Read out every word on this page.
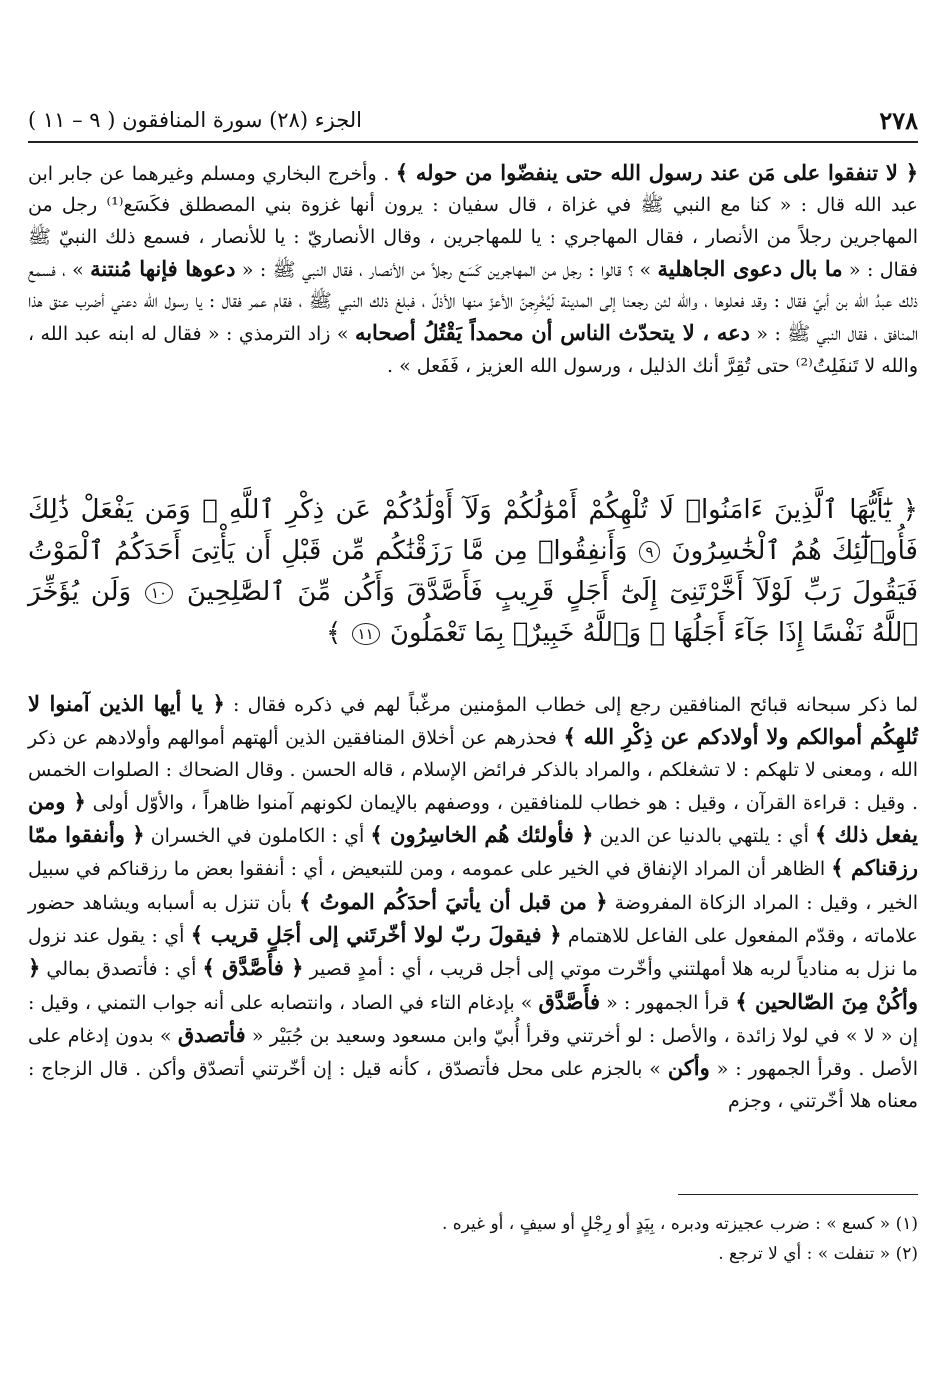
٢٧٨
الجزء (٢٨) سورة المنافقون ( ٩ – ١١ )

﴿ لا تنفقوا على مَن عند رسول الله حتى ينفضّوا من حوله ﴾ . وأخرج البخاري ومسلم وغيرهما عن جابر ابن عبد الله قال : « كنا مع النبي ﷺ في غزاة ، قال سفيان : يرون أنها غزوة بني المصطلق فكَسَع⁽¹⁾ رجل من المهاجرين رجلاً من الأنصار ، فقال المهاجري : يا للمهاجرين ، وقال الأنصاريّ : يا للأنصار ، فسمع ذلك النبيّ ﷺ فقال : « ما بال دعوى الجاهلية » ؟ قالوا : رجل من المهاجرين كَسَع رجلاً من الأنصار ، فقال النبي ﷺ : « دعوها فإنها مُنتنة » ، فسمع ذلك عبدُ الله بن أبيّ فقال : وقد فعلوها ، والله لئن رجعنا إلى المدينة لَيُخْرِجنّ الأعزّ منها الأذلّ ، فبلغ ذلك النبي ﷺ ، فقام عمر فقال : يا رسول الله دعني أضرب عنق هذا المنافق ، فقال النبي ﷺ : « دعه ، لا يتحدّث الناس أن محمداً يَقْتُلُ أصحابه » زاد الترمذي : « فقال له ابنه عبد الله ، والله لا تَنفَلِتُ⁽²⁾ حتى تُقِرَّ أنك الذليل ، ورسول الله العزيز ، فَفَعل » .

﴿ يَٰٓأَيُّهَا ٱلَّذِينَ ءَامَنُوا۟ لَا تُلْهِكُمْ أَمْوَٰلُكُمْ وَلَآ أَوْلَٰدُكُمْ عَن ذِكْرِ ٱللَّهِ ۚ وَمَن يَفْعَلْ ذَٰلِكَ فَأُو۟لَٰٓئِكَ هُمُ ٱلْخَٰسِرُونَ ٩ وَأَنفِقُوا۟ مِن مَّا رَزَقْنَٰكُم مِّن قَبْلِ أَن يَأْتِىَ أَحَدَكُمُ ٱلْمَوْتُ فَيَقُولَ رَبِّ لَوْلَآ أَخَّرْتَنِىٓ إِلَىٰٓ أَجَلٍ قَرِيبٍ فَأَصَّدَّقَ وَأَكُن مِّنَ ٱلصَّٰلِحِينَ ١٠ وَلَن يُؤَخِّرَ ٱللَّهُ نَفْسًا إِذَا جَآءَ أَجَلُهَا ۚ وَٱللَّهُ خَبِيرٌۢ بِمَا تَعْمَلُونَ ١١ ﴾

لما ذكر سبحانه قبائح المنافقين رجع إلى خطاب المؤمنين مرغّباً لهم في ذكره فقال : ﴿ يا أيها الذين آمنوا لا تُلهِكُم أموالكم ولا أولادكم عن ذِكْرِ الله ﴾ فحذرهم عن أخلاق المنافقين الذين ألهتهم أموالهم وأولادهم عن ذكر الله ، ومعنى لا تلهكم : لا تشغلكم ، والمراد بالذكر فرائض الإسلام ، قاله الحسن . وقال الضحاك : الصلوات الخمس . وقيل : قراءة القرآن ، وقيل : هو خطاب للمنافقين ، ووصفهم بالإيمان لكونهم آمنوا ظاهراً ، والأوّل أولى ﴿ ومن يفعل ذلك ﴾ أي : يلتهي بالدنيا عن الدين ﴿ فأولئك هُم الخاسِرُون ﴾ أي : الكاملون في الخسران ﴿ وأنفقوا ممّا رزقناكم ﴾ الظاهر أن المراد الإنفاق في الخير على عمومه ، ومن للتبعيض ، أي : أنفقوا بعض ما رزقناكم في سبيل الخير ، وقيل : المراد الزكاة المفروضة ﴿ من قبل أن يأتيَ أحدَكُم الموتُ ﴾ بأن تنزل به أسبابه ويشاهد حضور علاماته ، وقدّم المفعول على الفاعل للاهتمام ﴿ فيقولَ ربّ لولا أخّرتَني إلى أجَلٍ قريب ﴾ أي : يقول عند نزول ما نزل به منادياً لربه هلا أمهلتني وأخّرت موتي إلى أجل قريب ، أي : أمدٍ قصير ﴿ فأَصَّدَّق ﴾ أي : فأتصدق بمالي ﴿ وأكُنْ مِنَ الصّالحين ﴾ قرأ الجمهور : « فأَصَّدَّق » بإدغام التاء في الصاد ، وانتصابه على أنه جواب التمني ، وقيل : إن « لا » في لولا زائدة ، والأصل : لو أخرتني وقرأ أُبيّ وابن مسعود وسعيد بن جُبَيْر « فأتصدق » بدون إدغام على الأصل . وقرأ الجمهور : « وأكن » بالجزم على محل فأتصدّق ، كأنه قيل : إن أخّرتني أتصدّق وأكن . قال الزجاج : معناه هلا أخّرتني ، وجزم

(١) « كسع » : ضرب عجيزته ودبره ، بِيَدٍ أو رِجْلٍ أو سيفٍ ، أو غيره .

(٢) « تنفلت » : أي لا ترجع .
